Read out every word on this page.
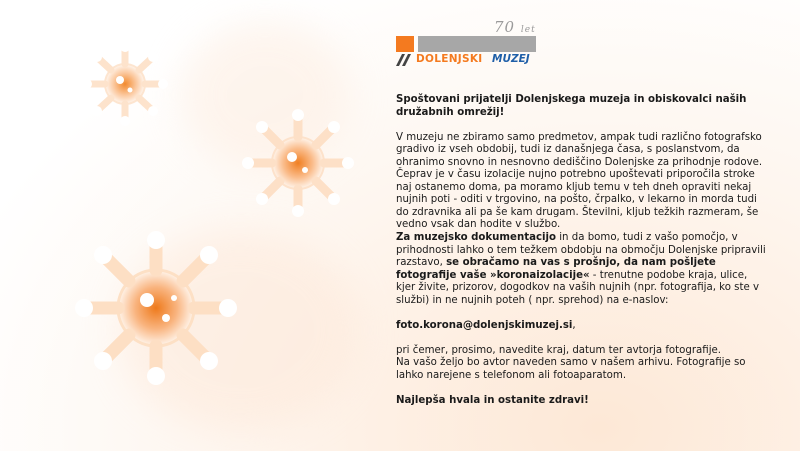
70 let
DOLENJSKI MUZEJ

Spoštovani prijatelji Dolenjskega muzeja in obiskovalci naših družabnih omrežij!

V muzeju ne zbiramo samo predmetov, ampak tudi različno fotografsko gradivo iz vseh obdobij, tudi iz današnjega časa, s poslanstvom, da ohranimo snovno in nesnovno dediščino Dolenjske za prihodnje rodove.

Čeprav je v času izolacije nujno potrebno upoštevati priporočila stroke naj ostanemo doma, pa moramo kljub temu v teh dneh opraviti nekaj nujnih poti - oditi v trgovino, na pošto, črpalko, v lekarno in morda tudi do zdravnika ali pa še kam drugam. Številni, kljub težkih razmeram, še vedno vsak dan hodite v službo.

Za muzejsko dokumentacijo in da bomo, tudi z vašo pomočjo, v prihodnosti lahko o tem težkem obdobju na območju Dolenjske pripravili razstavo, se obračamo na vas s prošnjo, da nam pošljete fotografije vaše »koronaizolacije« - trenutne podobe kraja, ulice, kjer živite, prizorov, dogodkov na vaših nujnih (npr. fotografija, ko ste v službi) in ne nujnih poteh ( npr. sprehod) na e-naslov:

foto.korona@dolenjskimuzej.si,

pri čemer, prosimo, navedite kraj, datum ter avtorja fotografije.

Na vašo željo bo avtor naveden samo v našem arhivu. Fotografije so lahko narejene s telefonom ali fotoaparatom.

Najlepša hvala in ostanite zdravi!
